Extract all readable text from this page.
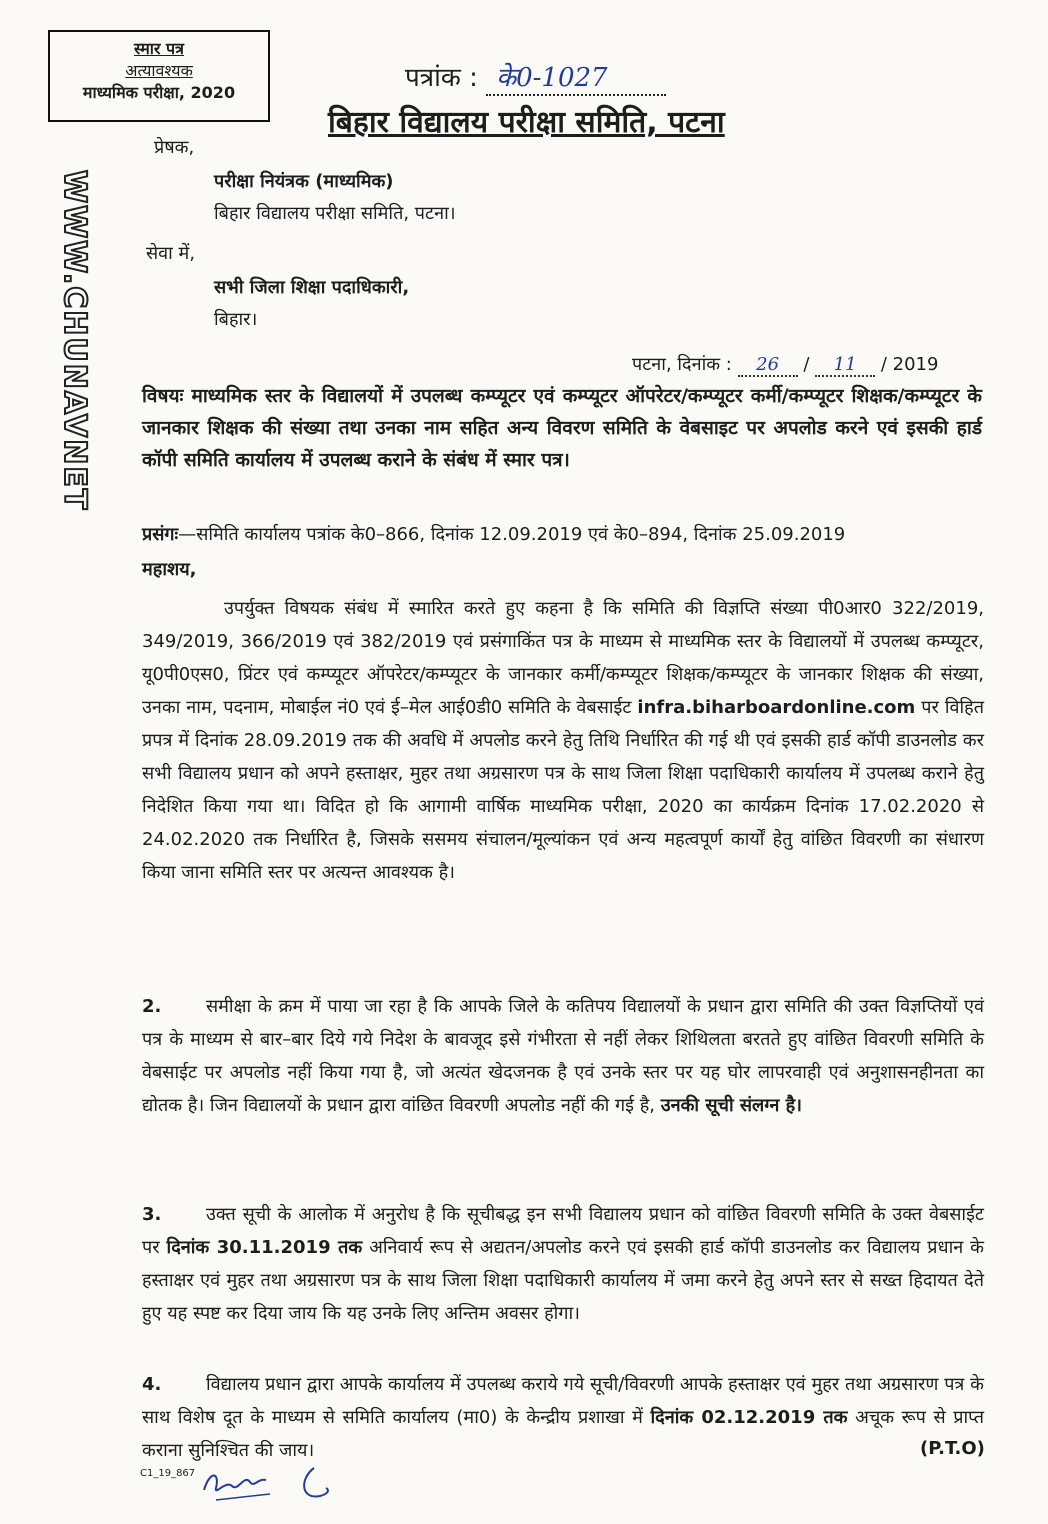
स्मार पत्र
अत्यावश्यक
माध्यमिक परीक्षा, 2020
WWW.CHUNAVNET
पत्रांक : के0-1027
बिहार विद्यालय परीक्षा समिति, पटना
प्रेषक,
परीक्षा नियंत्रक (माध्यमिक)
बिहार विद्यालय परीक्षा समिति, पटना।
सेवा में,
सभी जिला शिक्षा पदाधिकारी,
बिहार।
पटना, दिनांक : 26 / 11 / 2019
विषयः माध्यमिक स्तर के विद्यालयों में उपलब्ध कम्प्यूटर एवं कम्प्यूटर ऑपरेटर/कम्प्यूटर कर्मी/कम्प्यूटर शिक्षक/कम्प्यूटर के जानकार शिक्षक की संख्या तथा उनका नाम सहित अन्य विवरण समिति के वेबसाइट पर अपलोड करने एवं इसकी हार्ड कॉपी समिति कार्यालय में उपलब्ध कराने के संबंध में स्मार पत्र।
प्रसंगः—समिति कार्यालय पत्रांक के0–866, दिनांक 12.09.2019 एवं के0–894, दिनांक 25.09.2019
महाशय,
उपर्युक्त विषयक संबंध में स्मारित करते हुए कहना है कि समिति की विज्ञप्ति संख्या पी0आर0 322/2019, 349/2019, 366/2019 एवं 382/2019 एवं प्रसंगाकिंत पत्र के माध्यम से माध्यमिक स्तर के विद्यालयों में उपलब्ध कम्प्यूटर, यू0पी0एस0, प्रिंटर एवं कम्प्यूटर ऑपरेटर/कम्प्यूटर के जानकार कर्मी/कम्प्यूटर शिक्षक/कम्प्यूटर के जानकार शिक्षक की संख्या, उनका नाम, पदनाम, मोबाईल नं0 एवं ई–मेल आई0डी0 समिति के वेबसाईट infra.biharboardonline.com पर विहित प्रपत्र में दिनांक 28.09.2019 तक की अवधि में अपलोड करने हेतु तिथि निर्धारित की गई थी एवं इसकी हार्ड कॉपी डाउनलोड कर सभी विद्यालय प्रधान को अपने हस्ताक्षर, मुहर तथा अग्रसारण पत्र के साथ जिला शिक्षा पदाधिकारी कार्यालय में उपलब्ध कराने हेतु निदेशित किया गया था। विदित हो कि आगामी वार्षिक माध्यमिक परीक्षा, 2020 का कार्यक्रम दिनांक 17.02.2020 से 24.02.2020 तक निर्धारित है, जिसके ससमय संचालन/मूल्यांकन एवं अन्य महत्वपूर्ण कार्यों हेतु वांछित विवरणी का संधारण किया जाना समिति स्तर पर अत्यन्त आवश्यक है।
2. समीक्षा के क्रम में पाया जा रहा है कि आपके जिले के कतिपय विद्यालयों के प्रधान द्वारा समिति की उक्त विज्ञप्तियों एवं पत्र के माध्यम से बार–बार दिये गये निदेश के बावजूद इसे गंभीरता से नहीं लेकर शिथिलता बरतते हुए वांछित विवरणी समिति के वेबसाईट पर अपलोड नहीं किया गया है, जो अत्यंत खेदजनक है एवं उनके स्तर पर यह घोर लापरवाही एवं अनुशासनहीनता का द्योतक है। जिन विद्यालयों के प्रधान द्वारा वांछित विवरणी अपलोड नहीं की गई है, उनकी सूची संलग्न है।
3. उक्त सूची के आलोक में अनुरोध है कि सूचीबद्ध इन सभी विद्यालय प्रधान को वांछित विवरणी समिति के उक्त वेबसाईट पर दिनांक 30.11.2019 तक अनिवार्य रूप से अद्यतन/अपलोड करने एवं इसकी हार्ड कॉपी डाउनलोड कर विद्यालय प्रधान के हस्ताक्षर एवं मुहर तथा अग्रसारण पत्र के साथ जिला शिक्षा पदाधिकारी कार्यालय में जमा करने हेतु अपने स्तर से सख्त हिदायत देते हुए यह स्पष्ट कर दिया जाय कि यह उनके लिए अन्तिम अवसर होगा।
4. विद्यालय प्रधान द्वारा आपके कार्यालय में उपलब्ध कराये गये सूची/विवरणी आपके हस्ताक्षर एवं मुहर तथा अग्रसारण पत्र के साथ विशेष दूत के माध्यम से समिति कार्यालय (मा0) के केन्द्रीय प्रशाखा में दिनांक 02.12.2019 तक अचूक रूप से प्राप्त कराना सुनिश्चित की जाय।	(P.T.O)
C1_19_867
